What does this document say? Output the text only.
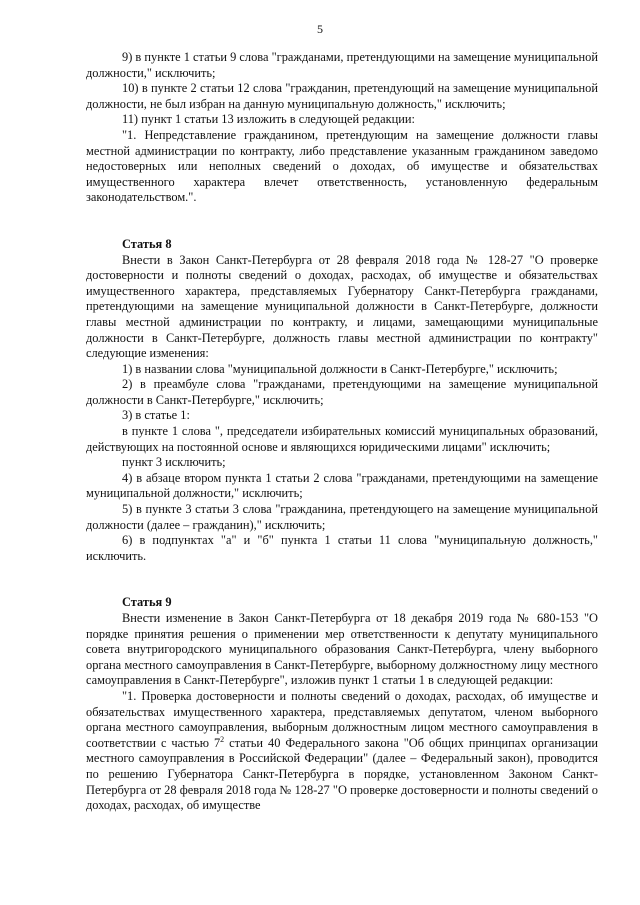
5

9) в пункте 1 статьи 9 слова "гражданами, претендующими на замещение муниципальной должности," исключить;

10) в пункте 2 статьи 12 слова "гражданин, претендующий на замещение муниципальной должности, не был избран на данную муниципальную должность," исключить;

11) пункт 1 статьи 13 изложить в следующей редакции:

"1. Непредставление гражданином, претендующим на замещение должности главы местной администрации по контракту, либо представление указанным гражданином заведомо недостоверных или неполных сведений о доходах, об имуществе и обязательствах имущественного характера влечет ответственность, установленную федеральным законодательством.".

Статья 8

Внести в Закон Санкт-Петербурга от 28 февраля 2018 года № 128-27 "О проверке достоверности и полноты сведений о доходах, расходах, об имуществе и обязательствах имущественного характера, представляемых Губернатору Санкт-Петербурга гражданами, претендующими на замещение муниципальной должности в Санкт-Петербурге, должности главы местной администрации по контракту, и лицами, замещающими муниципальные должности в Санкт-Петербурге, должность главы местной администрации по контракту" следующие изменения:

1) в названии слова "муниципальной должности в Санкт-Петербурге," исключить;

2) в преамбуле слова "гражданами, претендующими на замещение муниципальной должности в Санкт-Петербурге," исключить;

3) в статье 1:

в пункте 1 слова ", председатели избирательных комиссий муниципальных образований, действующих на постоянной основе и являющихся юридическими лицами" исключить;

пункт 3 исключить;

4) в абзаце втором пункта 1 статьи 2 слова "гражданами, претендующими на замещение муниципальной должности," исключить;

5) в пункте 3 статьи 3 слова "гражданина, претендующего на замещение муниципальной должности (далее – гражданин)," исключить;

6) в подпунктах "а" и "б" пункта 1 статьи 11 слова "муниципальную должность," исключить.

Статья 9

Внести изменение в Закон Санкт-Петербурга от 18 декабря 2019 года № 680-153 "О порядке принятия решения о применении мер ответственности к депутату муниципального совета внутригородского муниципального образования Санкт-Петербурга, члену выборного органа местного самоуправления в Санкт-Петербурге, выборному должностному лицу местного самоуправления в Санкт-Петербурге", изложив пункт 1 статьи 1 в следующей редакции:

"1. Проверка достоверности и полноты сведений о доходах, расходах, об имуществе и обязательствах имущественного характера, представляемых депутатом, членом выборного органа местного самоуправления, выборным должностным лицом местного самоуправления в соответствии с частью $7^2$ статьи 40 Федерального закона "Об общих принципах организации местного самоуправления в Российской Федерации" (далее – Федеральный закон), проводится по решению Губернатора Санкт-Петербурга в порядке, установленном Законом Санкт-Петербурга от 28 февраля 2018 года № 128-27 "О проверке достоверности и полноты сведений о доходах, расходах, об имуществе
